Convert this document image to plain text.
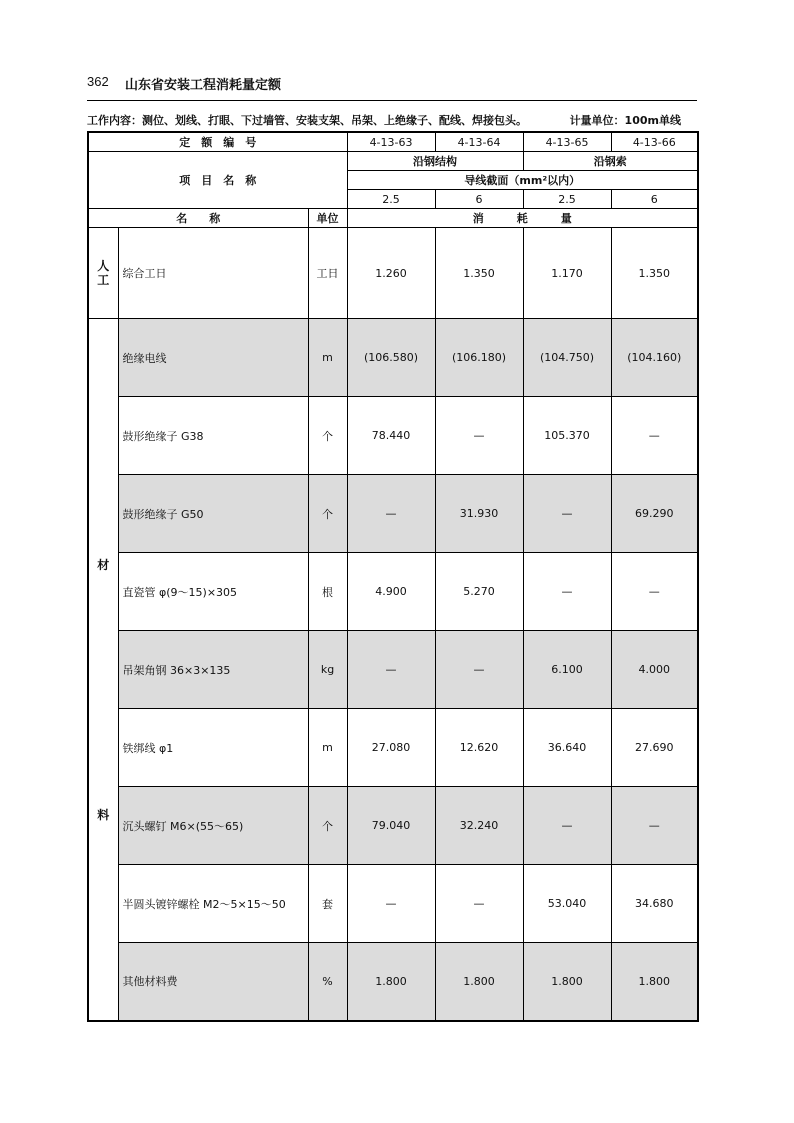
362 山东省安装工程消耗量定额
工作内容：测位、划线、打眼、下过墙管、安装支架、吊架、上绝缘子、配线、焊接包头。	计量单位：100m单线
定　额　编　号			4-13-63	4-13-64	4-13-65	4-13-66
项　目　名　称			沿钢结构		沿钢索	
			导线截面（mm²以内）			
			2.5	6	2.5	6
名　　称		单位	消　　　耗　　　量			

人
工	综合工日	工日	1.260	1.350	1.170	1.350

材
料	绝缘电线	m	(106.580)	(106.180)	(104.750)	(104.160)
	鼓形绝缘子 G38	个	78.440	—	105.370	—
	鼓形绝缘子 G50	个	—	31.930	—	69.290
	直瓷管 φ(9～15)×305	根	4.900	5.270	—	—
	吊架角钢 36×3×135	kg	—	—	6.100	4.000
	铁绑线 φ1	m	27.080	12.620	36.640	27.690
	沉头螺钉 M6×(55～65)	个	79.040	32.240	—	—
	半圆头镀锌螺栓 M2～5×15～50	套	—	—	53.040	34.680
	其他材料费	%	1.800	1.800	1.800	1.800
